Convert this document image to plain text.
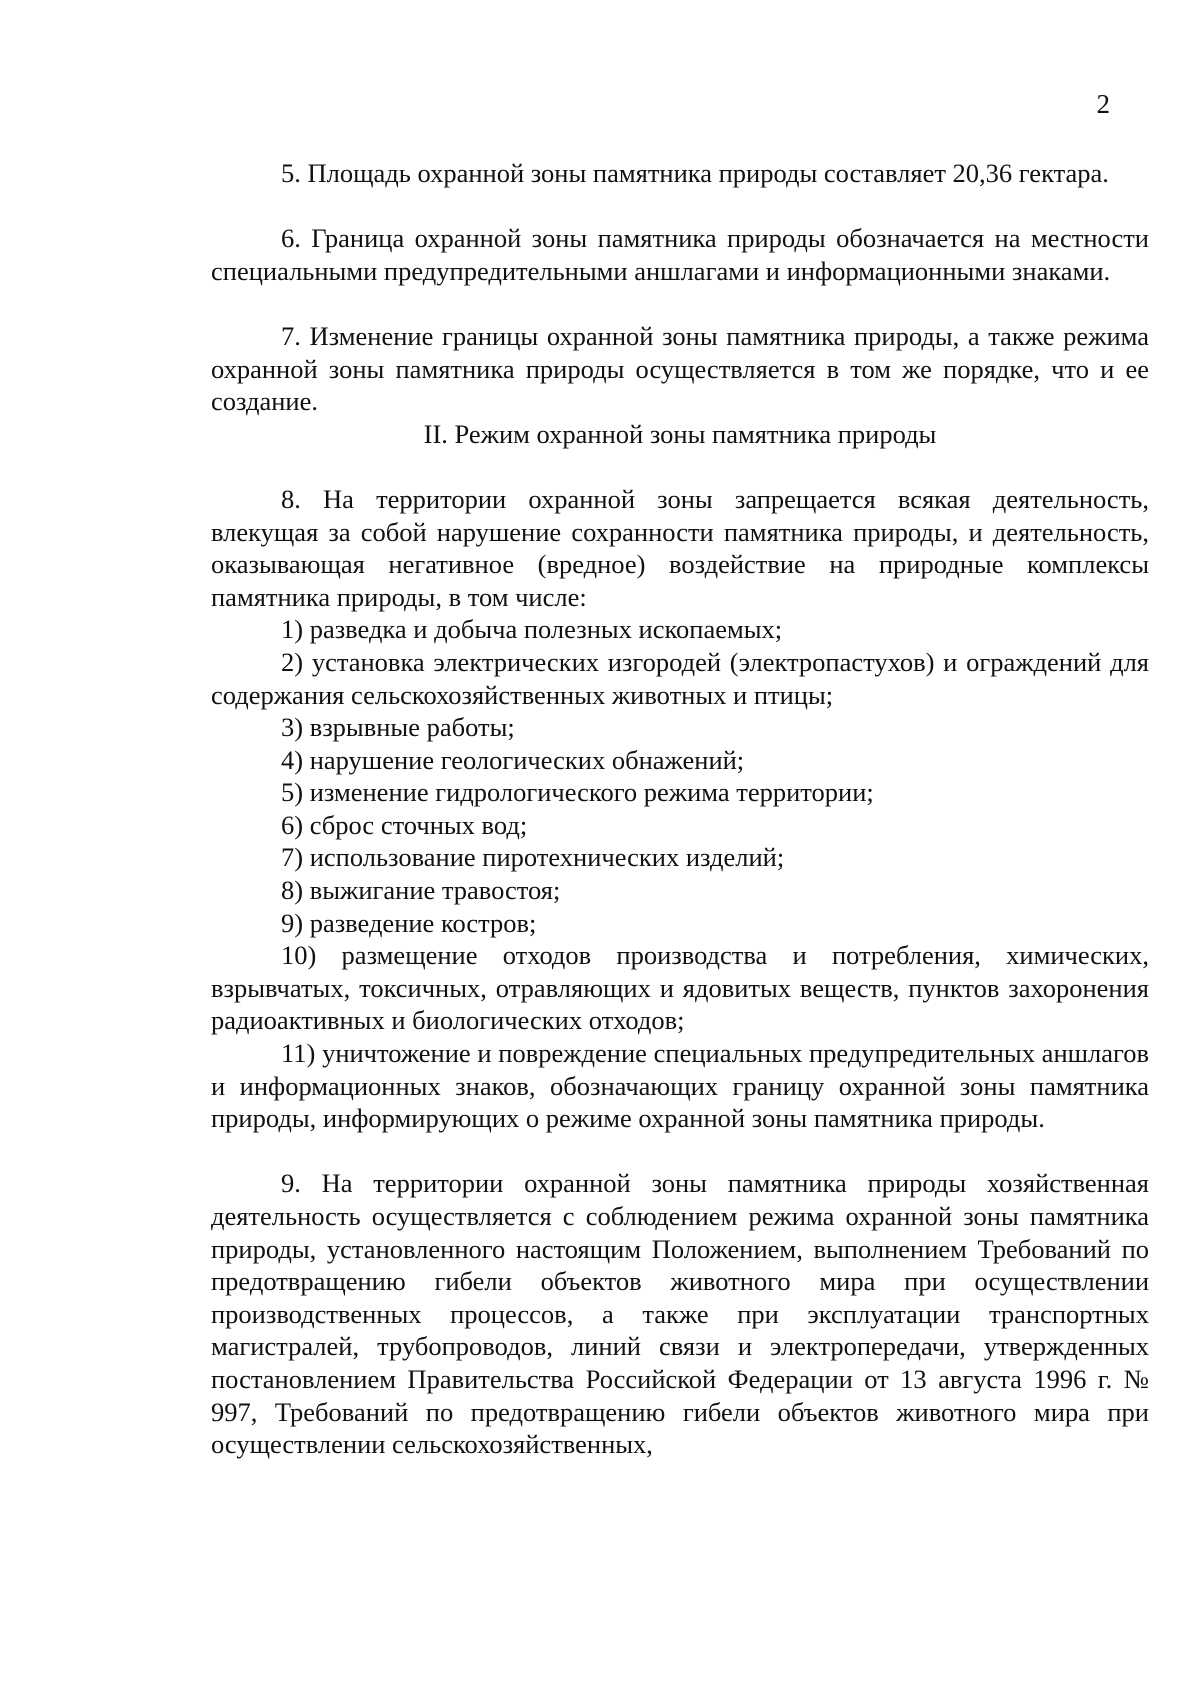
2

5. Площадь охранной зоны памятника природы составляет 20,36 гектара.

6. Граница охранной зоны памятника природы обозначается на местности специальными предупредительными аншлагами и информационными знаками.

7. Изменение границы охранной зоны памятника природы, а также режима охранной зоны памятника природы осуществляется в том же порядке, что и ее создание.

II. Режим охранной зоны памятника природы

8. На территории охранной зоны запрещается всякая деятельность, влекущая за собой нарушение сохранности памятника природы, и деятельность, оказывающая негативное (вредное) воздействие на природные комплексы памятника природы, в том числе:

1) разведка и добыча полезных ископаемых;

2) установка электрических изгородей (электропастухов) и ограждений для содержания сельскохозяйственных животных и птицы;

3) взрывные работы;

4) нарушение геологических обнажений;

5) изменение гидрологического режима территории;

6) сброс сточных вод;

7) использование пиротехнических изделий;

8) выжигание травостоя;

9) разведение костров;

10) размещение отходов производства и потребления, химических, взрывчатых, токсичных, отравляющих и ядовитых веществ, пунктов захоронения радиоактивных и биологических отходов;

11) уничтожение и повреждение специальных предупредительных аншлагов и информационных знаков, обозначающих границу охранной зоны памятника природы, информирующих о режиме охранной зоны памятника природы.

9. На территории охранной зоны памятника природы хозяйственная деятельность осуществляется с соблюдением режима охранной зоны памятника природы, установленного настоящим Положением, выполнением Требований по предотвращению гибели объектов животного мира при осуществлении производственных процессов, а также при эксплуатации транспортных магистралей, трубопроводов, линий связи и электропередачи, утвержденных постановлением Правительства Российской Федерации от 13 августа 1996 г. № 997, Требований по предотвращению гибели объектов животного мира при осуществлении сельскохозяйственных,
